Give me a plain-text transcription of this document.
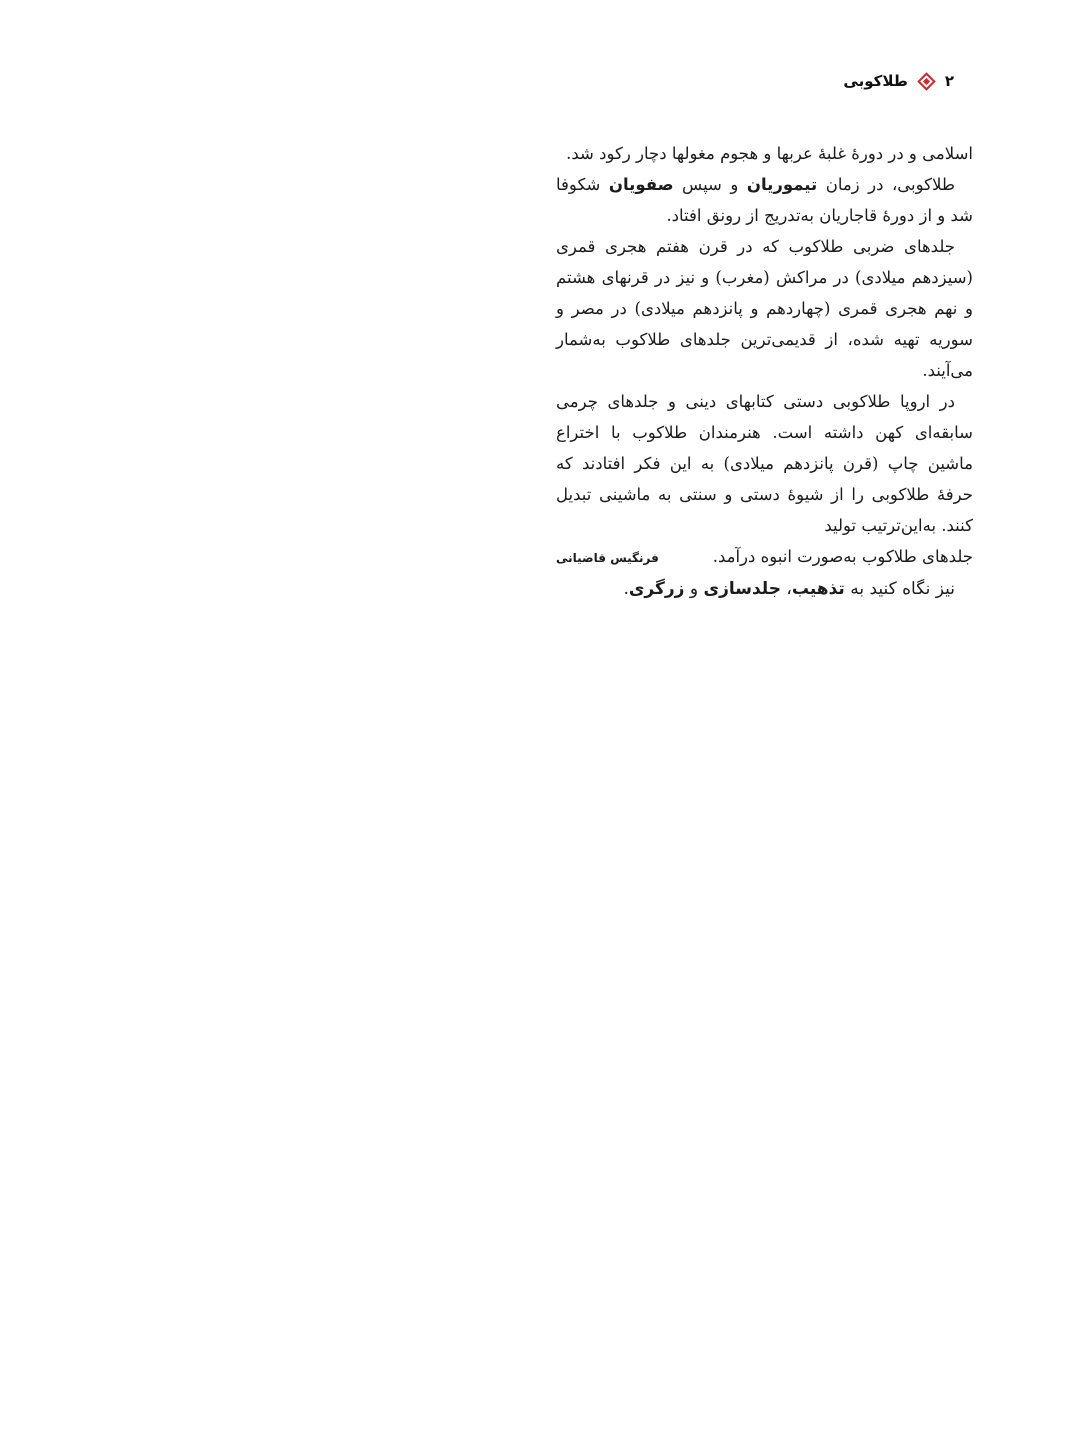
۲
طلاکوبی

اسلامی و در دورۀ غلبۀ عربها و هجوم مغولها دچار رکود شد.

طلاکوبی، در زمان تیموریان و سپس صفویان شکوفا شد و از دورۀ قاجاریان به‌تدریج از رونق افتاد.

جلدهای ضربی طلاکوب که در قرن هفتم هجری قمری (سیزدهم میلادی) در مراکش (مغرب) و نیز در قرنهای هشتم و نهم هجری قمری (چهاردهم و پانزدهم میلادی) در مصر و سوریه تهیه شده، از قدیمی‌ترین جلدهای طلاکوب به‌شمار می‌آیند.

در اروپا طلاکوبی دستی کتابهای دینی و جلدهای چرمی سابقه‌ای کهن داشته است. هنرمندان طلاکوب با اختراع ماشین چاپ (قرن پانزدهم میلادی) به این فکر افتادند که حرفۀ طلاکوبی را از شیوۀ دستی و سنتی به ماشینی تبدیل کنند. به‌این‌ترتیب تولید

جلدهای طلاکوب به‌صورت انبوه درآمد.
فرنگیس قاضیانی

نیز نگاه کنید به تذهیب، جلدسازی و زرگری.
